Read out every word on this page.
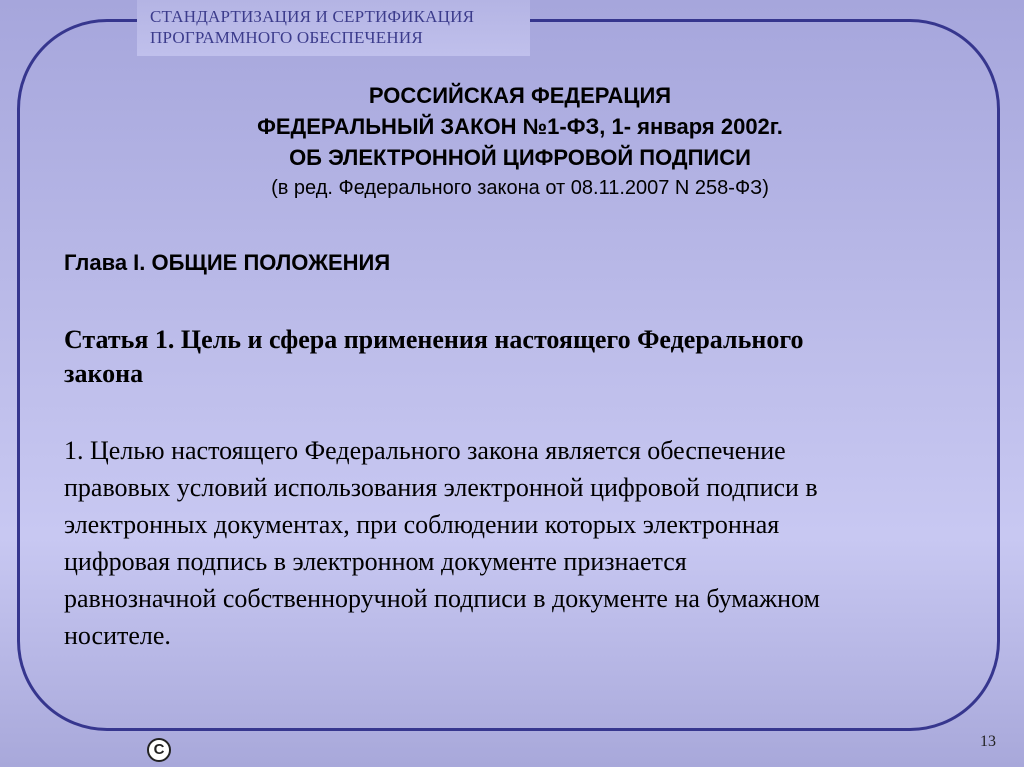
СТАНДАРТИЗАЦИЯ И СЕРТИФИКАЦИЯ
ПРОГРАММНОГО ОБЕСПЕЧЕНИЯ
РОССИЙСКАЯ ФЕДЕРАЦИЯ
ФЕДЕРАЛЬНЫЙ ЗАКОН №1-ФЗ, 1- января 2002г.
ОБ ЭЛЕКТРОННОЙ ЦИФРОВОЙ ПОДПИСИ
(в ред. Федерального закона от 08.11.2007 N 258-ФЗ)
Глава I. ОБЩИЕ ПОЛОЖЕНИЯ
Статья 1. Цель и сфера применения настоящего Федерального
закона
1. Целью настоящего Федерального закона является обеспечение
правовых условий использования электронной цифровой подписи в
электронных документах, при соблюдении которых электронная
цифровая подпись в электронном документе признается
равнозначной собственноручной подписи в документе на бумажном
носителе.
С	13
